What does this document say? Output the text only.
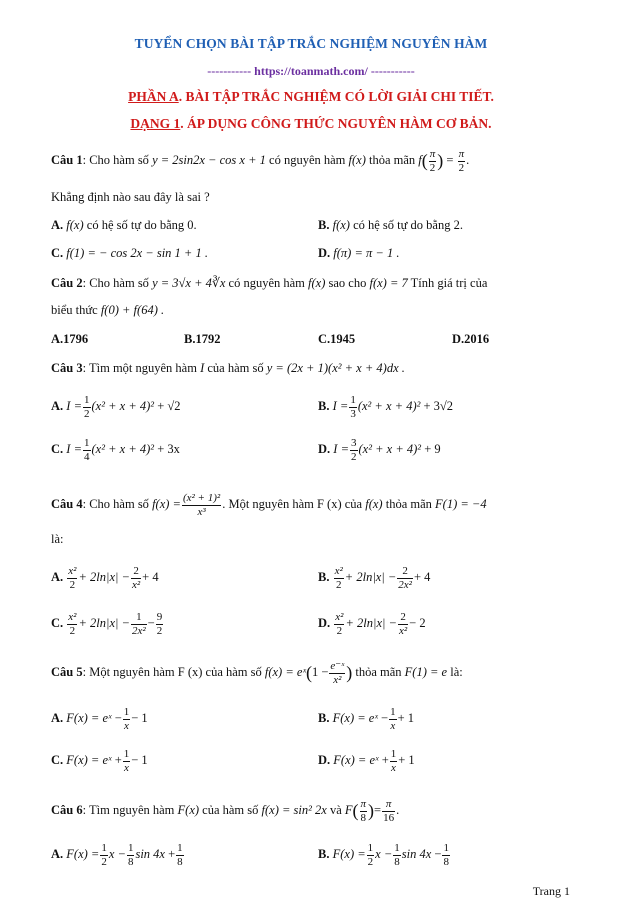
TUYỂN CHỌN BÀI TẬP TRẮC NGHIỆM NGUYÊN HÀM
----------- https://toanmath.com/ -----------
PHẦN A. BÀI TẬP TRẮC NGHIỆM CÓ LỜI GIẢI CHI TIẾT.
DẠNG 1. ÁP DỤNG CÔNG THỨC NGUYÊN HÀM CƠ BẢN.
Câu 1: Cho hàm số y = 2sin2x − cos x + 1 có nguyên hàm f(x) thỏa mãn $f( \frac{\pi}{2}$ ) = $\frac{\pi}{2}$ .
Khẳng định nào sau đây là sai ?
A. f(x) có hệ số tự do bằng 0.	B. f(x) có hệ số tự do bằng 2.
C. f(1) = − cos 2x − sin 1 + 1 .	D. f(π) = π − 1 .
Câu 2: Cho hàm số y = 3√x + 4∛x có nguyên hàm f(x) sao cho f(x) = 7 Tính giá trị của
biểu thức f(0) + f(64) .
A.1796	B.1792	C.1945	D.2016
Câu 3: Tìm một nguyên hàm I của hàm số y = (2x + 1)(x² + x + 4)dx .
A. $I = \frac{1}{2} (x^2 + x + 4)^2 + √2$	B. $I = \frac{1}{3} (x^2 + x + 4)^2 + 3√2$
C. $I = \frac{1}{4} (x^2 + x + 4)^2 + 3x$	D. $I = \frac{3}{2} (x^2 + x + 4)^2 + 9$
Câu 4: Cho hàm số $f(x) = \frac{\text{(x² + 1)²}}{\text{x³}}$ . Một nguyên hàm F (x) của f(x) thỏa mãn F(1) = −4
là:
A. $\frac{\text{x²}}{2} + 2\ln|x| - \frac{2}{\text{x²}} + 4$	B. $\frac{\text{x²}}{2} + 2\ln|x| - \frac{2}{\text{2x²}} + 4$
C. $\frac{\text{x²}}{2} + 2\ln|x| - \frac{1}{\text{2x²}} - \frac{9}{2}$	D. $\frac{\text{x²}}{2} + 2\ln|x| - \frac{2}{\text{x²}} - 2$
Câu 5: Một nguyên hàm F (x) của hàm số f(x) = eˣ(1 − $\frac{\text{e⁻ˣ}}{\text{x²}}$ ) thỏa mãn F(1) = e là:
A. F(x) = eˣ − $\frac{1}{x} - 1$	B. F(x) = eˣ − $\frac{1}{x} + 1$
C. F(x) = eˣ + $\frac{1}{x} - 1$	D. F(x) = eˣ + $\frac{1}{x} + 1$
Câu 6: Tìm nguyên hàm F(x) của hàm số f(x) = sin² 2x và $F( \frac{\pi}{8}$ )= $\frac{\pi}{16}$ .
A. $F(x) = \frac{1}{2}$ $x - \frac{1}{8}$ $\sin 4x + \frac{1}{8}$	B. $F(x) = \frac{1}{2}$ $x - \frac{1}{8}$ $\sin 4x - \frac{1}{8}$
Trang 1
